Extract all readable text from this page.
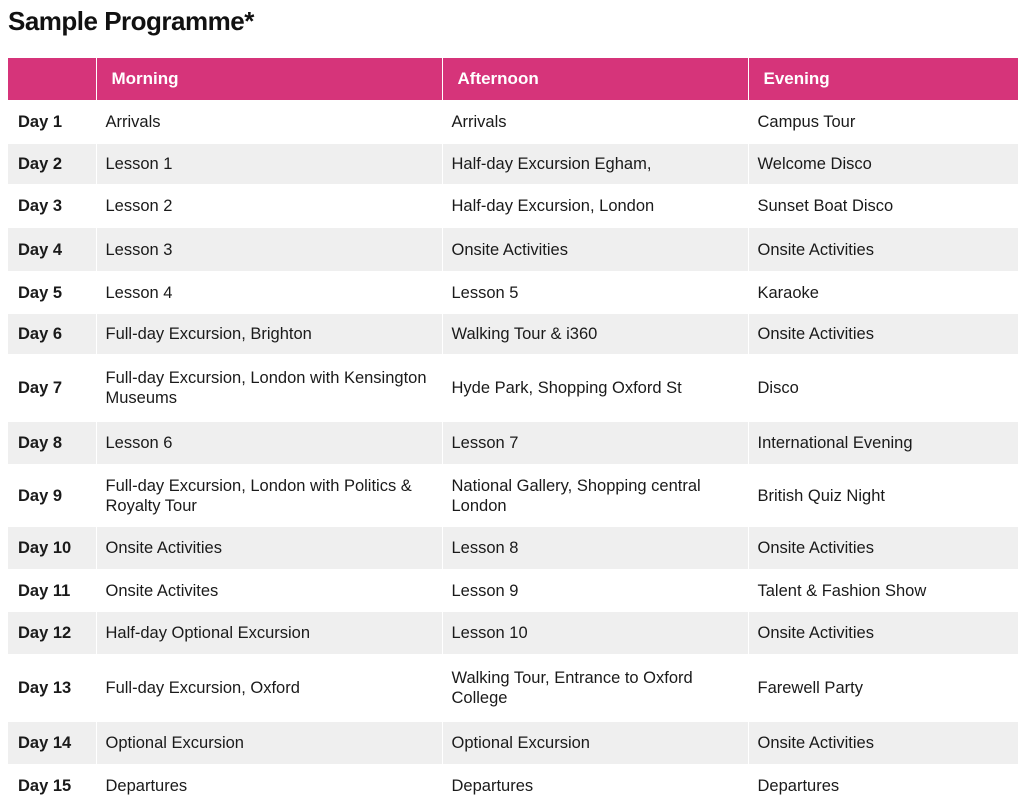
Sample Programme*
	Morning	Afternoon	Evening
Day 1	Arrivals	Arrivals	Campus Tour
Day 2	Lesson 1	Half-day Excursion Egham,	Welcome Disco
Day 3	Lesson 2	Half-day Excursion, London	Sunset Boat Disco
Day 4	Lesson 3	Onsite Activities	Onsite Activities
Day 5	Lesson 4	Lesson 5	Karaoke
Day 6	Full-day Excursion, Brighton	Walking Tour & i360	Onsite Activities
Day 7	Full-day Excursion, London with Kensington Museums	Hyde Park, Shopping Oxford St	Disco
Day 8	Lesson 6	Lesson 7	International Evening
Day 9	Full-day Excursion, London with Politics & Royalty Tour	National Gallery, Shopping central London	British Quiz Night
Day 10	Onsite Activities	Lesson 8	Onsite Activities
Day 11	Onsite Activites	Lesson 9	Talent & Fashion Show
Day 12	Half-day Optional Excursion	Lesson 10	Onsite Activities
Day 13	Full-day Excursion, Oxford	Walking Tour, Entrance to Oxford College	Farewell Party
Day 14	Optional Excursion	Optional Excursion	Onsite Activities
Day 15	Departures	Departures	Departures
